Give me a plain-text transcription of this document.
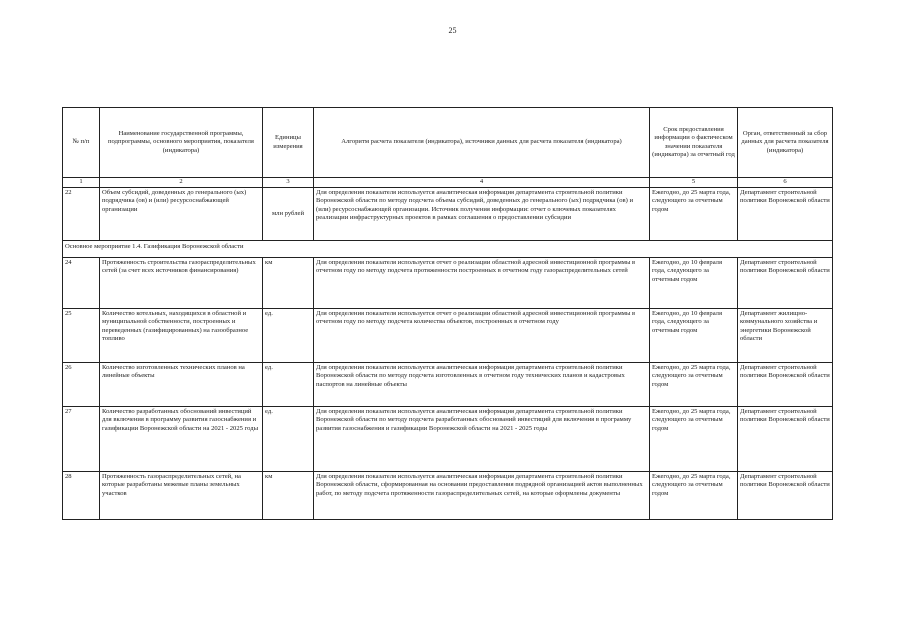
25
№ п/п	Наименование государственной программы, подпрограммы, основного мероприятия, показателя (индикатора)	Единицы измерения	Алгоритм расчета показателя (индикатора), источники данных для расчета показателя (индикатора)	Срок предоставления информации о фактическом значении показателя (индикатора) за отчетный год	Орган, ответственный за сбор данных для расчета показателя (индикатора)
1	2	3	4	5	6
22	Объем субсидий, доведенных до генерального (ых) подрядчика (ов) и (или) ресурсоснабжающей организации	млн рублей	Для определения показателя используется аналитическая информация департамента строительной политики Воронежской области по методу подсчета объема субсидий, доведенных до генерального (ых) подрядчика (ов) и (или) ресурсоснабжающей организации. Источник получения информации: отчет о ключевых показателях реализации инфраструктурных проектов в рамках соглашения о предоставлении субсидии	Ежегодно, до 25 марта года, следующего за отчетным годом	Департамент строительной политики Воронежской области
Основное мероприятие 1.4. Газификация Воронежской области					
24	Протяженность строительства газораспределительных сетей (за счет всех источников финансирования)	км	Для определения показателя используется отчет о реализации областной адресной инвестиционной программы в отчетном году по методу подсчета протяженности построенных в отчетном году газораспределительных сетей	Ежегодно, до 10 февраля года, следующего за отчетным годом	Департамент строительной политики Воронежской области
25	Количество котельных, находящихся в областной и муниципальной собственности, построенных и переведенных (газифицированных) на газообразное топливо	ед.	Для определения показателя используется отчет о реализации областной адресной инвестиционной программы в отчетном году по методу подсчета количества объектов, построенных в отчетном году	Ежегодно, до 10 февраля года, следующего за отчетным годом	Департамент жилищно-коммунального хозяйства и энергетики Воронежской области
26	Количество изготовленных технических планов на линейные объекты	ед.	Для определения показателя используется аналитическая информация департамента строительной политики Воронежской области по методу подсчета изготовленных в отчетном году технических планов и кадастровых паспортов на линейные объекты	Ежегодно, до 25 марта года, следующего за отчетным годом	Департамент строительной политики Воронежской области
27	Количество разработанных обоснований инвестиций для включения в программу развития газоснабжения и газификации Воронежской области на 2021 - 2025 годы	ед.	Для определения показателя используется аналитическая информация департамента строительной политики Воронежской области по методу подсчета разработанных обоснований инвестиций для включения в программу развития газоснабжения и газификации Воронежской области на 2021 - 2025 годы	Ежегодно, до 25 марта года, следующего за отчетным годом	Департамент строительной политики Воронежской области
28	Протяженность газораспределительных сетей, на которые разработаны межевые планы земельных участков	км	Для определения показателя используется аналитическая информация департамента строительной политики Воронежской области, сформированная на основании предоставления подрядной организацией актов выполненных работ, по методу подсчета протяженности газораспределительных сетей, на которые оформлены документы	Ежегодно, до 25 марта года, следующего за отчетным годом	Департамент строительной политики Воронежской области
